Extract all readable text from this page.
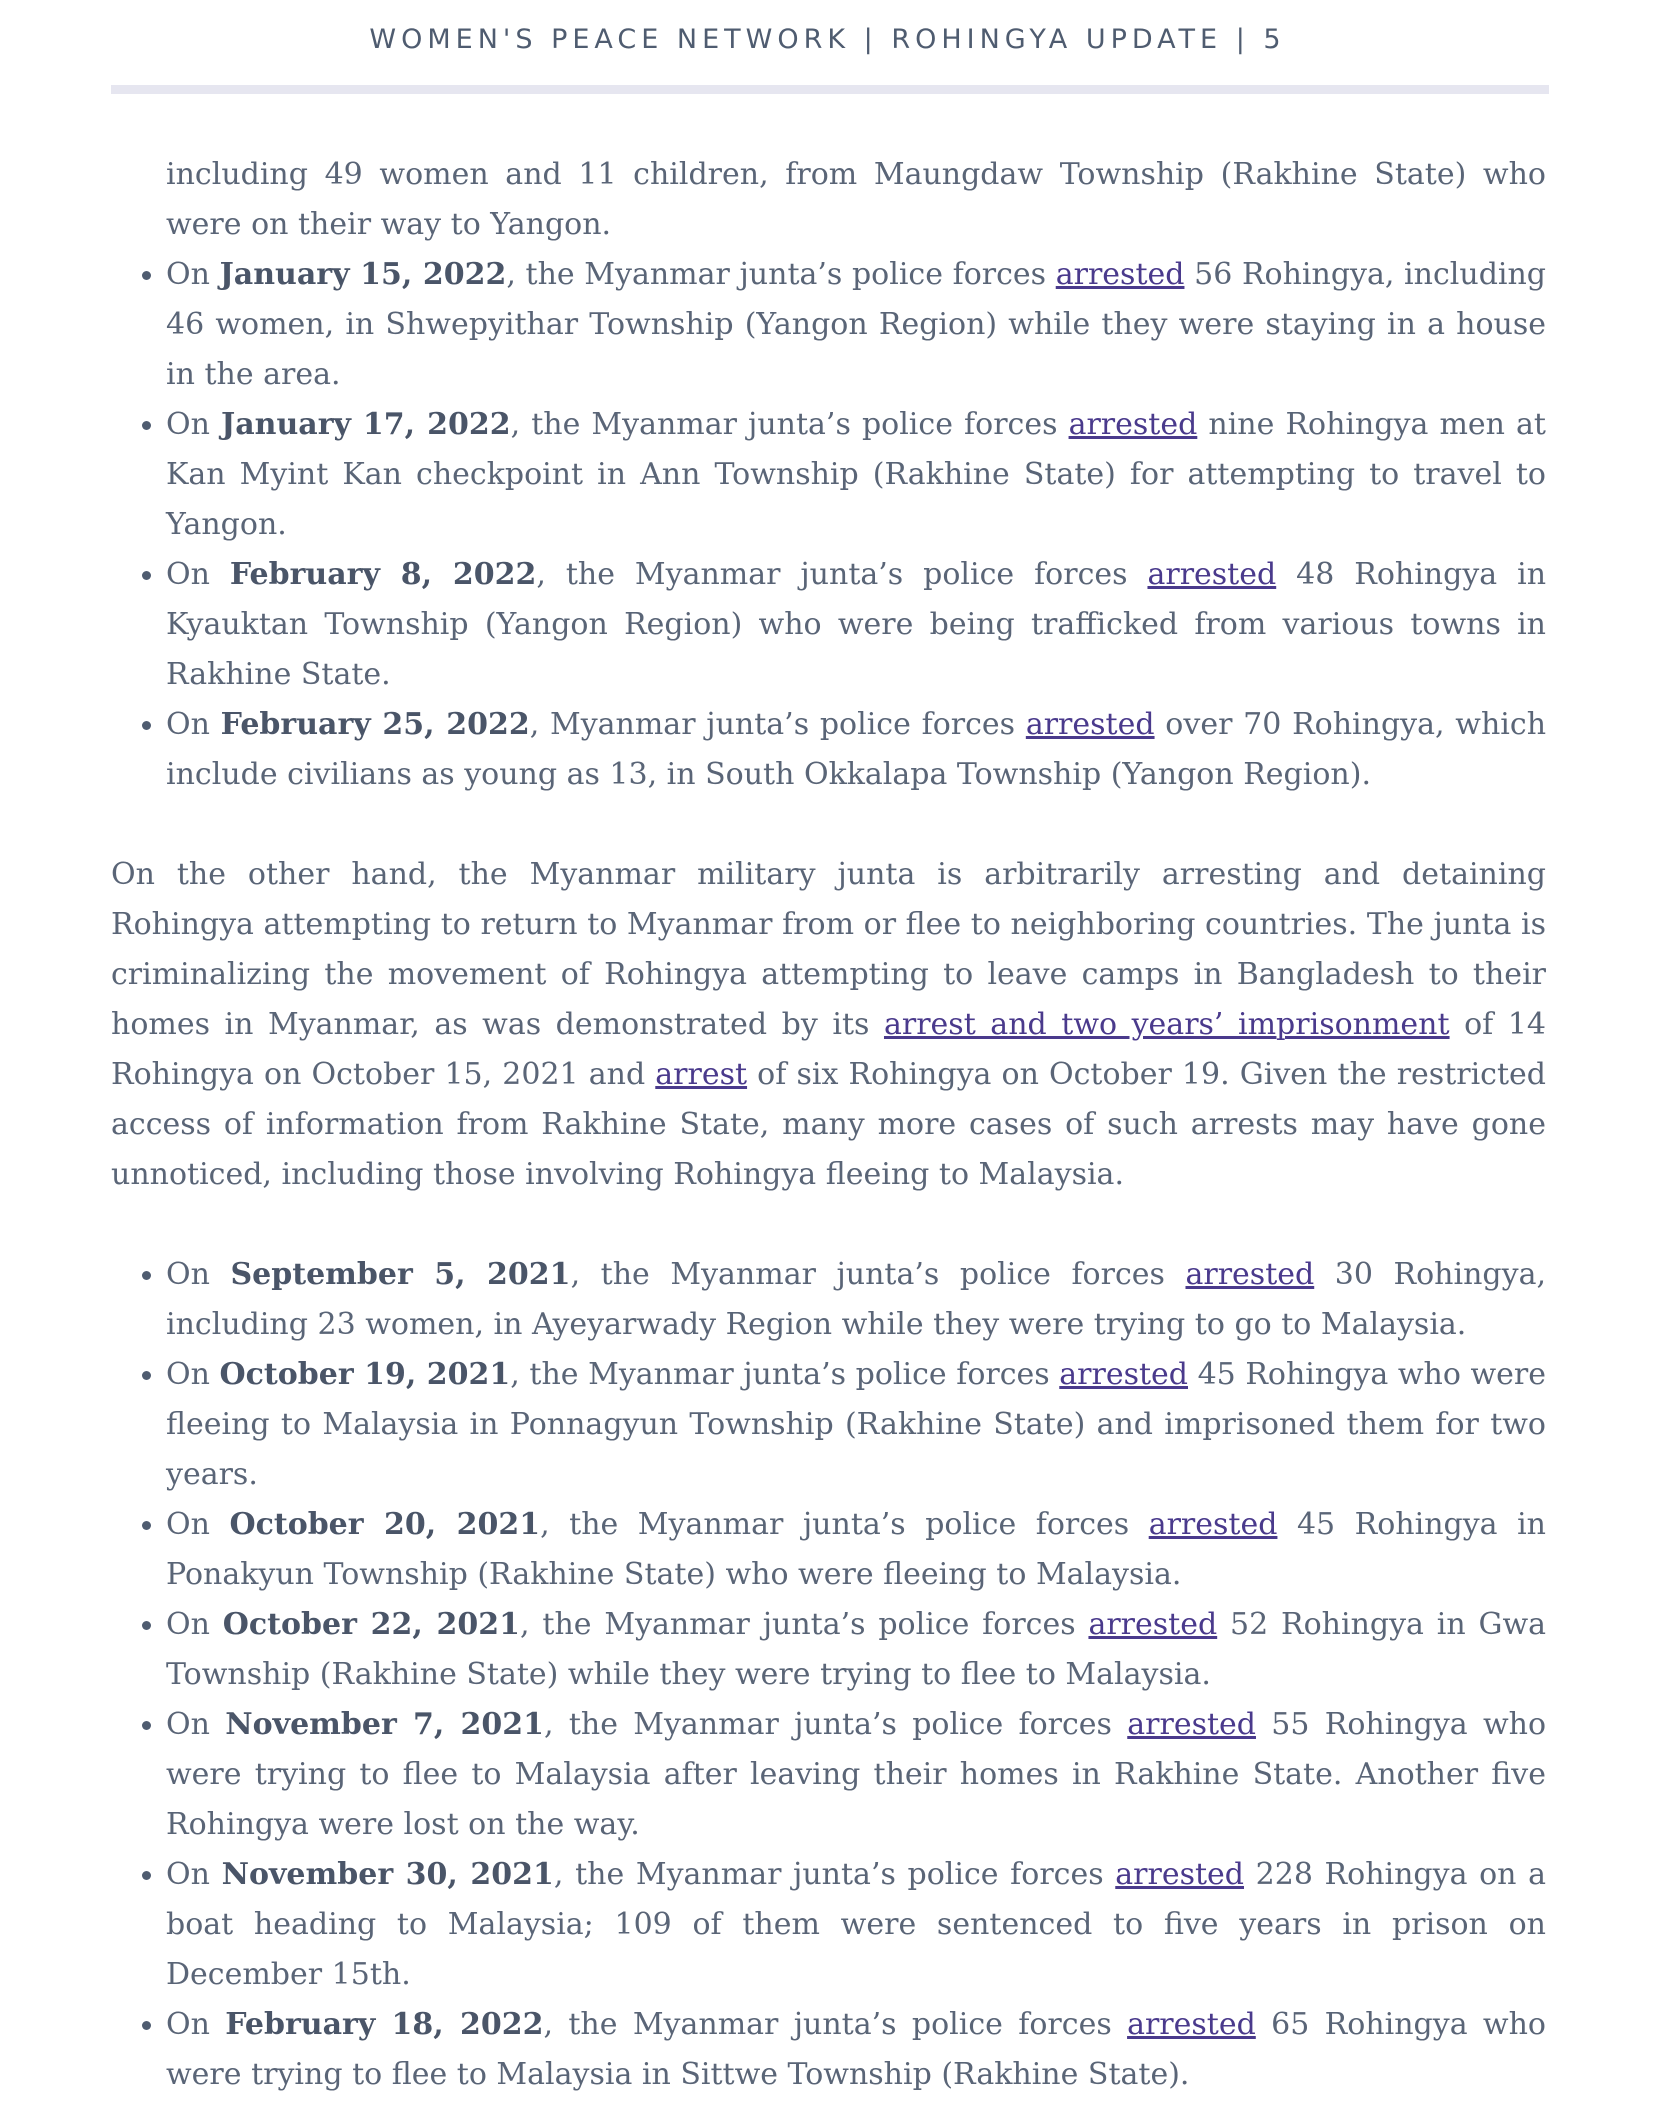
WOMEN'S PEACE NETWORK | ROHINGYA UPDATE | 5

including 49 women and 11 children, from Maungdaw Township (Rakhine State) who were on their way to Yangon.

• On January 15, 2022, the Myanmar junta’s police forces arrested 56 Rohingya, including 46 women, in Shwepyithar Township (Yangon Region) while they were staying in a house in the area.
• On January 17, 2022, the Myanmar junta’s police forces arrested nine Rohingya men at Kan Myint Kan checkpoint in Ann Township (Rakhine State) for attempting to travel to Yangon.
• On February 8, 2022, the Myanmar junta’s police forces arrested 48 Rohingya in Kyauktan Township (Yangon Region) who were being trafficked from various towns in Rakhine State.
• On February 25, 2022, Myanmar junta’s police forces arrested over 70 Rohingya, which include civilians as young as 13, in South Okkalapa Township (Yangon Region).

On the other hand, the Myanmar military junta is arbitrarily arresting and detaining Rohingya attempting to return to Myanmar from or flee to neighboring countries. The junta is criminalizing the movement of Rohingya attempting to leave camps in Bangladesh to their homes in Myanmar, as was demonstrated by its arrest and two years’ imprisonment of 14 Rohingya on October 15, 2021 and arrest of six Rohingya on October 19. Given the restricted access of information from Rakhine State, many more cases of such arrests may have gone unnoticed, including those involving Rohingya fleeing to Malaysia.

• On September 5, 2021, the Myanmar junta’s police forces arrested 30 Rohingya, including 23 women, in Ayeyarwady Region while they were trying to go to Malaysia.
• On October 19, 2021, the Myanmar junta’s police forces arrested 45 Rohingya who were fleeing to Malaysia in Ponnagyun Township (Rakhine State) and imprisoned them for two years.
• On October 20, 2021, the Myanmar junta’s police forces arrested 45 Rohingya in Ponakyun Township (Rakhine State) who were fleeing to Malaysia.
• On October 22, 2021, the Myanmar junta’s police forces arrested 52 Rohingya in Gwa Township (Rakhine State) while they were trying to flee to Malaysia.
• On November 7, 2021, the Myanmar junta’s police forces arrested 55 Rohingya who were trying to flee to Malaysia after leaving their homes in Rakhine State. Another five Rohingya were lost on the way.
• On November 30, 2021, the Myanmar junta’s police forces arrested 228 Rohingya on a boat heading to Malaysia; 109 of them were sentenced to five years in prison on December 15th.
• On February 18, 2022, the Myanmar junta’s police forces arrested 65 Rohingya who were trying to flee to Malaysia in Sittwe Township (Rakhine State).
